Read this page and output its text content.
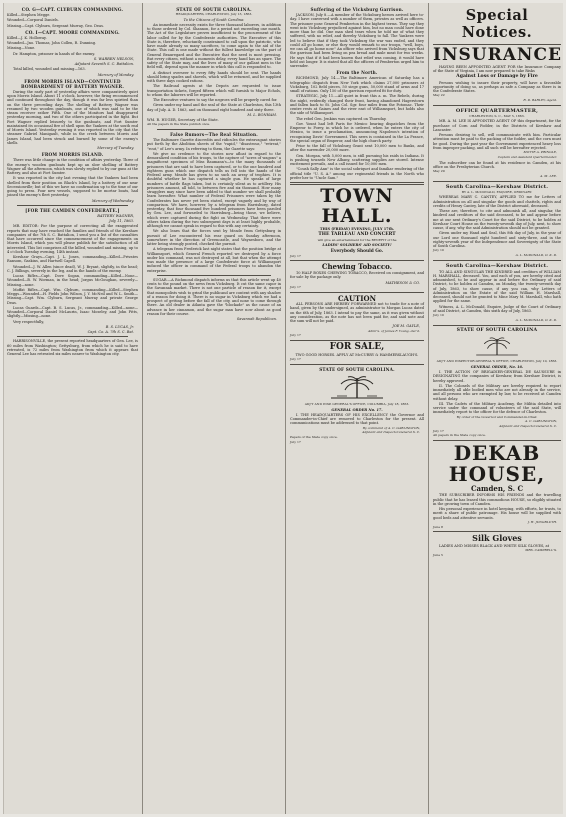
CO. G—CAPT. CLYBURN COMMANDING.

Killed—Stephen Megge.

Wounded—Corporal Daniels.

Missing—Capt. Clyburn, Sergeant Murray, Geo. Deas.

CO. I—CAPT. MOORE COMMANDING.

Killed—J. K. Holloway.

Wounded—Jno. Thomas, John Collen, R. Dunning.

Missing—None.

Dr. Hampton, prisoner in hands of the enemy.

S. WARREN NELSON,

Adjutant Seventh S. C. Battalion.

Total killed, wounded and missing—163.

Mercury of Monday.

FROM MORRIS ISLAND—CONTINUED BOMBARDMENT OF BATTERY WAGNER.

During the early part of yesterday affairs were comparatively quiet upon Morris Island. About 11 o'clock, however, the firing recommenced and continued throughout the day, though it was far less spirited than on the three preceding days. The shelling of Battery Wagner was resumed by two wooden gunboats, one of which was said to be the steam receiver rather Fifth. One of the Monitors had disappeared yesterday morning, and two of the others participated in the fight. But Fort Wagner replied leisurely to the gunboats, and Fort Sumter maintained its occasional fire of shell upon the Yankees at the south end of Morris Island. Yesterday evening it was reported in the city that the steamer Gabriel Manigault, while in the creek between Morris and James Island, had been struck and burned by some of the enemy's shells.

Mercury of Tuesday.

FROM MORRIS ISLAND.

There was little change in the condition of affairs yesterday. Three of the enemy's wooden gunboats kept up an slow shelling of Battery Wagner all the afternoon, which was slowly replied to by our guns at the Battery, and also at Fort Sumter.

It was reported in the city last evening that the Yankees had been shelled from their position on Black's Island, by a battery of our near Secessionville; but of this we have no confirmation up to the time of our going to press. Four new vessels, supposed to be mortar boats, had joined the enemy's fleet yesterday.

Mercury of Wednesday.

[FOR THE CAMDEN CONFEDERATE.]

BATTERY WAGNER,

July 11, 1863.

MR. EDITOR: For the purpose of correcting all the exaggerated reports that may have reached the families and friends of the Kershaw companies of the 7th S. C. Battalion, I send you a list of the casualties that have occurred since the commencement of the engagements on Morris Island, which you will please publish for the satisfaction of all interested. This list comprises all the killed, wounded and missing, up to 4 o'clock Tuesday evening, 14th instant.

Kershaw Grays—Capt. J. L. Jones, commanding—Killed—Privates Ransom, Gaskins, and Hartsell Capell.

Wounded—J. W. Allen (since dead), W. J. Bryant, slightly, in the head; C. J. Billings, severely in the leg, and in the hands of the enemy.

Lucas Rifles—Capt. Dove Sogan, commanding—Killed—None—Wounded—B. W. Worman, in the head; Jorgus McGoughan, severely—Missing—none.

Moffat Rifles—Capt. Wm. Clyburn, commanding—Killed—Stephen Meggs—Wounded—H. Fields John Wilson, J. Y. McNeil and W. L. Smith—Missing—Capt. Wm. Clyburn, Sergeant Murray and private George Deas.

Lucas Guards—Capt. B. S. Lucas, Jr., commanding—Killed—none—Wounded—Corporal Daniel McLaurin, Isaac Moseley, and John Pitts, slightly—Missing—none.

Very respectfully,

B. S. LUCAS, Jr.

Capt. Co. A. 7th S. C. Bat.

HARRISONVILLE, the present reported headquarters of Gen. Lee, is 60 miles from Washington; Gettysburg, from which he is said to have retreated, is 72 miles from Washington from which it appears that General Lee has retreated six miles nearer to Washington city.

STATE OF SOUTH CAROLINA.

HEADQUARTERS, CHARLESTON, July 13, 1863.

To the Citizens of South Carolina:

An immediate necessity exists for three thousand laborers, in addition to those ordered by Col. Shannon, for a period not exceeding one month. The Act of the Legislature proves insufficient to the procurement of the labor called for by the Confederate authorities. The Executive of this State is, therefore, reluctantly constrained to call upon the patriotic, who have made already so many sacrifices, to come again to the aid of the State. This call is one made without the fullest knowledge on the part of General Beauregard and the Executive that the need is most pressing. But every citizen, without a moments delay, every hand has an spare. The safety of the State may, and the lives of many of our gallant men in the field will, depend upon the manner in which this call is responded to.

A distinct overseer to every fifty hands should be sent. The hands should bring spades and shovels, which will be returned, and be supplied with three days cooked rations.

The Railroad agents at the Depots are requested to issue transportation tickets, forged fifteen which will furnish to Major Echols, to whom the laborers will be reported.

The Executive ventures to say the negroes will be properly cared for.

Given under my hand and the seal of the State at Charleston, this 13th day of July. A. D. 1863, and on thousand eight hundred and sixty three.

M. L. BONHAM.

WM. R. HUGER, Secretary of the State.

All the papers in the State publish once.

False Rumors—The Real Situation.

The Baltimore Gazette discredits and ridicules the extravagant stories put forth by the Abolition sheets of the "rapid," "disastrous," "retreat," "rout," of Lee's army. In referring to them, the Gazette says:

We give no credence to the stories now afloat in regard to the demoralized condition of his troops, to the capture of "acres of wagons" a magnificent specimen of Miss Baumann's—to the many thousands of prisoners that are said to have been captured, or to the one hundred and eighteen guns which one dispatch tells us fell into the hands of the Federal army. Meade has given to no such an array of trophies. It is doubtful whether he has captured a single gun. He speaks of large numbers of battle flags taken, but is certainly silent as to artillery. His prisoners amount, all told, to between five and six thousand. How many stragglers may since have been added to that number we shall probably learn hereafter. What number of Federal Prisoners were taken by the Confederates has never yet been stated, except vaguely and by way of comparison. We have, however, by a telegram from Harrisburg, dated yesterday, that four thousand five hundred prisoners have been paroled by Gen. Lee, and forwarded to Harrisburg—being those, we believe, which were captured during the fight on Wednesday. That there were others taken during the two subsequent days is at least highly probable, although we cannot speak in regard to this with any certainty.

We also learn that the forces sent by Meade from Gettysburg in pursuit of Lee encountered his rear guard on Sunday afternoon, somewhere in the direction of Greencastle, and Waynesboro, and the latter being strongly posted, checked the pursuit.

A telegram from Frederick last night states that the position bridge at Williamsport, which General French reported we destroyed by a force under his command, was not destroyed at all, but that when the attempt was made the presence of a large Confederate force at Williamsport induced the officer in command of the Federal troops to abandon the enterprise.

SUGAR.—A Richmond dispatch informs us that this article went up 40 cents to the pound on the news from Vicksburg. It cut the same capor in the Savannah market. There is not one particle of reason for it, except that monopolists wish to grind the publicand are content with any shadow of a reason for doing it. There is no sugar in Vicksburg which we had a prospect of getting before the fall of the city, and none to come through there. An old dealer in Atlanta gave the "blockade" as the cause of an advance in her cinnamon, and the sugar man have now about as good reason for their course.

Savannah Republican.

Suffering of the Vicksburg Garrison.

JACKSON, July 8.—A member of the Vicksburg heroes arrived here to-day. I have conversed with a number of them, privates as well as officers. The prisoner pose General Pemberton in the highest terms. They say they went into Vicksburg prejudiced against him, but no man could have done more than he did. One man shed tears when he told me of what they suffered, with no relief, and thereby Vicksburg to fall. The Yankees were led to believe that if they took Vicksburg the war was ended, and they could all go home, or else they would remark to our troops, "well, boys, we can all go home now." An officer who arrived from Vicksburg says that the garrison had been living on pea bread and mule meat for two weeks. He says that if it had been known that relief was coming, it would have held out longer. It is stated that all the officers of Pemberton urged him to surrender.

From the North.

RICHMOND, July 14.—The Baltimore American of Saturday has a telegraphic dispatch from New York which claims 27,000 prisoners at Vicksburg, 102 field pieces, 50 siege guns, 50,000 stand of arms and 17 small of rations. Only 150 of the garrison reported fit for duty.

STRATEGIC, July 11.—All quiet in front this a. m. The Rebels, during the night, evidently changed their front, having abandoned Hagerstown and fallen back to St. John Col. Sgr. four miles from the Potomac. Their centre rests at Gaines and the river east of Williamsport, but holds also the side of Williamsport.

The rebel Gen. Jenkins was captured on Thursday.

Gov. Yount had left Paris for Mexico bearing dispatches from the Emperor to Forey, in which he is ordered, when he enters the city of Mexico, to issue a proclamation, announcing Napoleon's intention of recognizing Davis' Government. This news is contained in the La France, the special organ of Emperor, and the high church party.

Prior to the fall of Vicksburg Grant sent 10,000 men to Banks, and after the surrender 20,000 more.

Gen. Morgan, with 5,000 men, is still pursuing his raids in Indiana. It is pushing towards New Albany, scattering supplies are stored. Intense excitement prevails, and a call issued for 10,000 men.

"Coush Sally Ann" is the social sobriquet and familiar rendering of the official title "U. S. A." among our regimental friends in the North who prefer her to "Uncle Sam."

TOWN HALL.

THIS (FRIDAY) EVENING, JULY 17th.

THE TABLEAU AND CONCERT

will give an entertainment for the BENEFIT of the

LADIES' SOLDIERS' AID SOCIETY!

Everybody Should Go.

July 17

Chewing Tobacco.

10 HALF BOXES CHEWING TOBACCO, Received on consignment, and for sale by the package only.

MATHESON & CO.

July 17

CAUTION

ALL PERSONS ARE HEREBY FORWARNED not to trade for a note of hand, given by the undersigned, as administrator to Morgan Lucas dated on the 6th of July, 1863. I intend to pay the same, as it was given without any consideration, as the note has not been paid for, and said note and the sum will not be paid.

JOE M. GAYLE,

Admr's. of James F. Young, dec'd.

July 17

FOR SALE,

TWO GOOD HORSES. APPLY AT McCURRY & HAMMERSLAUGH'S.

July 17

STATE OF SOUTH CAROLINA.

ADJ'T AND INSP. GENERAL'S OFFICE, COLUMBIA, July 18, 1863.

GENERAL ORDER No. 17.

I. THE HEADQUARTERS OF HIS EXCELLENCY the Governor and Commander-in-Chief are removed to Charleston for the present. All communications must be addressed to that point.

By command of A. C. GARLINGTON,

Adjutant and Inspector-General S. C.

Papers of the State copy once.

July 17

Special Notices.
INSURANCE

HAVING BEEN APPOINTED AGENT FOR the Insurance Company of the State of Virginia, I am now prepared to take Risks

Against Loss or Damage by Fire

Persons wishing to insure their property, will have a favorable opportunity of doing so, as perhaps as safe a Company as there is in the Confederate States.

May 22

R. D. BARLEY, Agent.

OFFICE QUARTERMASTER,

CHARLESTON, S. C., MAY 5, 1863.

MR. A. M. LEE IS APPOINTED AGENT OF this department, for the purchase of Corn and Fodder, in the Districts of Kershaw and Lancaster.

Persons desiring to sell, will communicate with him. Particular attention must be paid to the packing of the fodder, and the corn must be good. During the past year the Government experienced heavy loss from improper packing, and all such will be hereafter rejected.

MOTTE A. PRINGLE,

Captain and Assistant Quartermaster.

The subscriber can be found at his residence in Camden, at his office on the Presbyterian Church.

May 29

A. M. LEE.

South Carolina—Kershaw District.

BY A. L. McDONALD, ESQUIRE, ORDINARY.

WHEREAS MARY C. CANTEY, APPLIED TO me for Letters of Administration on all and singular the goods and chattels, rights and credits of Henry Cantey, late of the District aforesaid, deceased.

These are, therefore, to cite and admonish all, and singular, the kindred and creditors of the said deceased, to be and appear before me at our next Ordinary's Court for the said District, to be holden at Kershaw Court House on the twenty-seventh day of July, next, to show cause, if any, why the said Administration should not be granted.

Given under my Hand and Seal, this 8th day of July, in the year of our Lord one thousand eight hundred and sixty-three, and in the eighty-seventh year of the Independence and Sovereignty of the State of South Carolina.

July 10

A. L. McDONALD, O. K. D.

South Carolina—Kershaw District.

TO ALL AND SINGULAR THE KINDRED and creditors of WILLIAM H. MARSHALL, deceased. You, and each of you, are hereby cited and admonished, to be and appear in and before the Ordinary of said District, to be holden at Camden, on Monday, the twenty-seventh day of July, 1863, to show cause, if any you can, why Letters of Administration on the Estate of the said William H. Marshall, deceased, should not be granted to Mine Mary M. Marshall, who hath applied for the same.

Witness, A. L. McDonald, Esquire, Judge of the Court of Ordinary of said District, at Camden, this sixth day of July, 1863.

July 10

A. L. McDONALD, O. K. D.

STATE OF SOUTH CAROLINA

ADJ'T AND INSPECTOR-GENERAL'S OFFICE, CHARLESTON, July 10, 1863.

GENERAL ORDER, No. 16.

I. THE ACTION OF BRIGADIER-GENERAL DE SAUSSURE in DESIGNATING the companies of Kershaw, from Kershaw District, is hereby approved.

II. The Colonels of the Military are hereby required to report immediately all able bodied men who are not already in the service, and all persons who are exempted by law, to be received at Camden without delay.

III. The Cadets of the Military Academy, the Militia detailed into service under the command of volunteers of the said State, will immediately report to the officer for the defence of Charleston.

By order of the Governor and Commander-in-Chief.

A. C. GARLINGTON,

Adjutant and Inspector-General S. C.

July 17

All papers in the State copy once.

DEKAB HOUSE,
Camden, S. C

THE SUBSCRIBER INFORMS HIS FRIENDS and the travelling public that he has leased this commodious HOUSE, so eligibly situated in the growing town of Camden.

His personal experience in hotel keeping, with efforts, he trusts, to merit a share of public patronage. His house will be supplied with good beds and attentive servants.

J. H. JUNGBLUTH.

June 8

Silk Gloves

LADIES AND MISSES BLACK AND WHITE SILK GLOVES, at

MRS. CAMPBELL'S.

June 5
